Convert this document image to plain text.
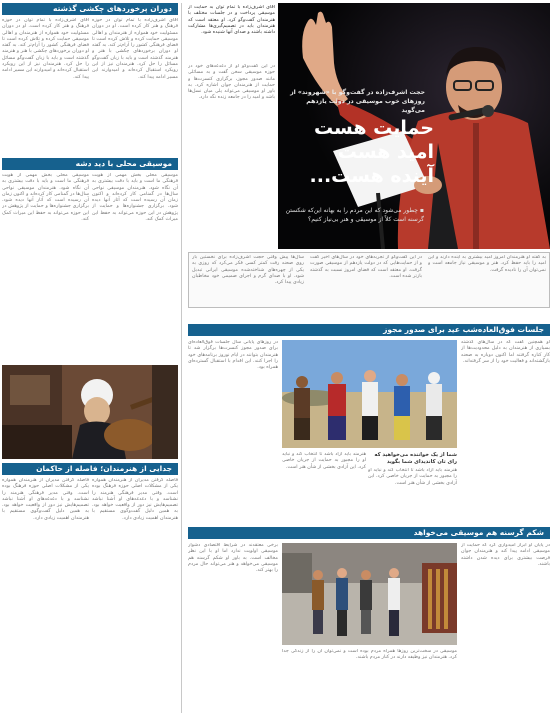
دوران پرخوردهای چکشی گذشته
آقای اشرف‌زاده با تمام توان در حوزه فرهنگ و هنر کار کرده است. او در دوران مسئولیت خود همواره از هنرمندان و اهالی موسیقی حمایت کرده و تلاش کرده است تا فضای فرهنگی کشور را آرام‌تر کند. به گفته او دوران برخوردهای چکشی با هنر و هنرمند گذشته است و باید با زبان گفت‌وگو مسائل را حل کرد. هنرمندان نیز از این رویکرد استقبال کرده‌اند و امیدوارند این مسیر ادامه پیدا کند.
آقای اشرف‌زاده با تمام توان در حوزه فرهنگ و هنر کار کرده است. او در دوران مسئولیت خود همواره از هنرمندان و اهالی موسیقی حمایت کرده و تلاش کرده است تا فضای فرهنگی کشور را آرام‌تر کند. به گفته او دوران برخوردهای چکشی با هنر و هنرمند گذشته است و باید با زبان گفت‌وگو مسائل را حل کرد. هنرمندان نیز از این رویکرد استقبال کرده‌اند و امیدوارند این مسیر ادامه پیدا کند.
موسیقی محلی با دید دشه
موسیقی محلی بخش مهمی از هویت فرهنگی ما است و باید با دقت بیشتری به آن نگاه شود. هنرمندان موسیقی نواحی سال‌ها در گمنامی کار کرده‌اند و اکنون زمان آن رسیده است که آثار آنها دیده شود. برگزاری جشنواره‌ها و حمایت از پژوهش در این حوزه می‌تواند به حفظ این میراث کمک کند.
موسیقی محلی بخش مهمی از هویت فرهنگی ما است و باید با دقت بیشتری به آن نگاه شود. هنرمندان موسیقی نواحی سال‌ها در گمنامی کار کرده‌اند و اکنون زمان آن رسیده است که آثار آنها دیده شود. برگزاری جشنواره‌ها و حمایت از پژوهش در این حوزه می‌تواند به حفظ این میراث کمک کند.
جدایی از هنرمندان؛ فاصله از حاکمان
فاصله گرفتن مدیران از هنرمندان همواره یکی از مشکلات اصلی حوزه فرهنگ بوده است. وقتی مدیر فرهنگی هنرمند را نشناسد و با دغدغه‌های او آشنا نباشد تصمیم‌هایش نیز دور از واقعیت خواهد بود. به همین دلیل گفت‌وگوی مستقیم با هنرمندان اهمیت زیادی دارد.
فاصله گرفتن مدیران از هنرمندان همواره یکی از مشکلات اصلی حوزه فرهنگ بوده است. وقتی مدیر فرهنگی هنرمند را نشناسد و با دغدغه‌های او آشنا نباشد تصمیم‌هایش نیز دور از واقعیت خواهد بود. به همین دلیل گفت‌وگوی مستقیم با هنرمندان اهمیت زیادی دارد.
آقای اشرف‌زاده با تمام توان به حمایت از موسیقی پرداخت و در جلسات مختلف با هنرمندان گفت‌وگو کرد. او معتقد است که هنرمندان باید در تصمیم‌گیری‌ها مشارکت داشته باشند و صدای آنها شنیده شود.
در این گفت‌وگو او از دغدغه‌های خود در حوزه موسیقی سخن گفت و به مسائلی مانند صدور مجوز، برگزاری کنسرت‌ها و حمایت از هنرمندان جوان اشاره کرد. به باور او موسیقی می‌تواند پلی میان نسل‌ها باشد و امید را در جامعه زنده نگه دارد.
حجت اشرف‌زاده در گفت‌وگو با «شهروند» از روزهای خوب موسیقی در دولت یازدهم می‌گوید
حمایت هست
امید هست
آینده هست...
▪ چطور می‌شود که این مردم را به بهانه این‌که شکستن گرسنه است کلاً از موسیقی و هنر بی‌نیاز کنیم؟
سال‌ها پیش وقتی حجت اشرف‌زاده برای نخستین بار روی صحنه رفت کمتر کسی فکر می‌کرد که روزی به یکی از چهره‌های شناخته‌شده موسیقی ایرانی تبدیل شود. او با صدای گرم و اجرای صمیمی خود مخاطبان زیادی پیدا کرد.
در این گفت‌وگو از تجربه‌های خود در سال‌های اخیر گفت و از حمایت‌هایی که در دولت یازدهم از موسیقی صورت گرفت. او معتقد است که فضای امروز نسبت به گذشته بازتر شده است.
به گفته او هنرمندان امروز امید بیشتری به آینده دارند و این امید را باید حفظ کرد. هنر و موسیقی نیاز جامعه است و نمی‌توان آن را نادیده گرفت.
جلسات فوق‌العاده‌شب عید برای صدور مجوز
در روزهای پایانی سال جلسات فوق‌العاده‌ای برای صدور مجوز کنسرت‌ها برگزار شد تا هنرمندان بتوانند در ایام نوروز برنامه‌های خود را اجرا کنند. این اقدام با استقبال گسترده‌ای همراه بود.
او همچنین گفت که در سال‌های گذشته بسیاری از هنرمندان به دلیل محدودیت‌ها از کار کناره گرفتند اما اکنون دوباره به صحنه بازگشته‌اند و فعالیت خود را از سر گرفته‌اند.
شما از یک خواننده می‌خواهید که رای تان کاندیدای شما بگوید
هنرمند باید آزاد باشد تا انتخاب کند و نباید او را مجبور به حمایت از جریان خاصی کرد. این آزادی بخشی از شأن هنر است.
هنرمند باید آزاد باشد تا انتخاب کند و نباید او را مجبور به حمایت از جریان خاصی کرد. این آزادی بخشی از شأن هنر است.
شکم گرسنه هم موسیقی می‌خواهد
برخی معتقدند در شرایط اقتصادی دشوار موسیقی اولویت ندارد اما او با این نظر مخالف است. به باور او شکم گرسنه هم موسیقی می‌خواهد و هنر می‌تواند حال مردم را بهتر کند.
موسیقی در سخت‌ترین روزها همراه مردم بوده است و نمی‌توان آن را از زندگی جدا کرد. هنرمندان نیز وظیفه دارند در کنار مردم باشند.
در پایان او ابراز امیدواری کرد که حمایت از موسیقی ادامه پیدا کند و هنرمندان جوان فرصت بیشتری برای دیده شدن داشته باشند.
